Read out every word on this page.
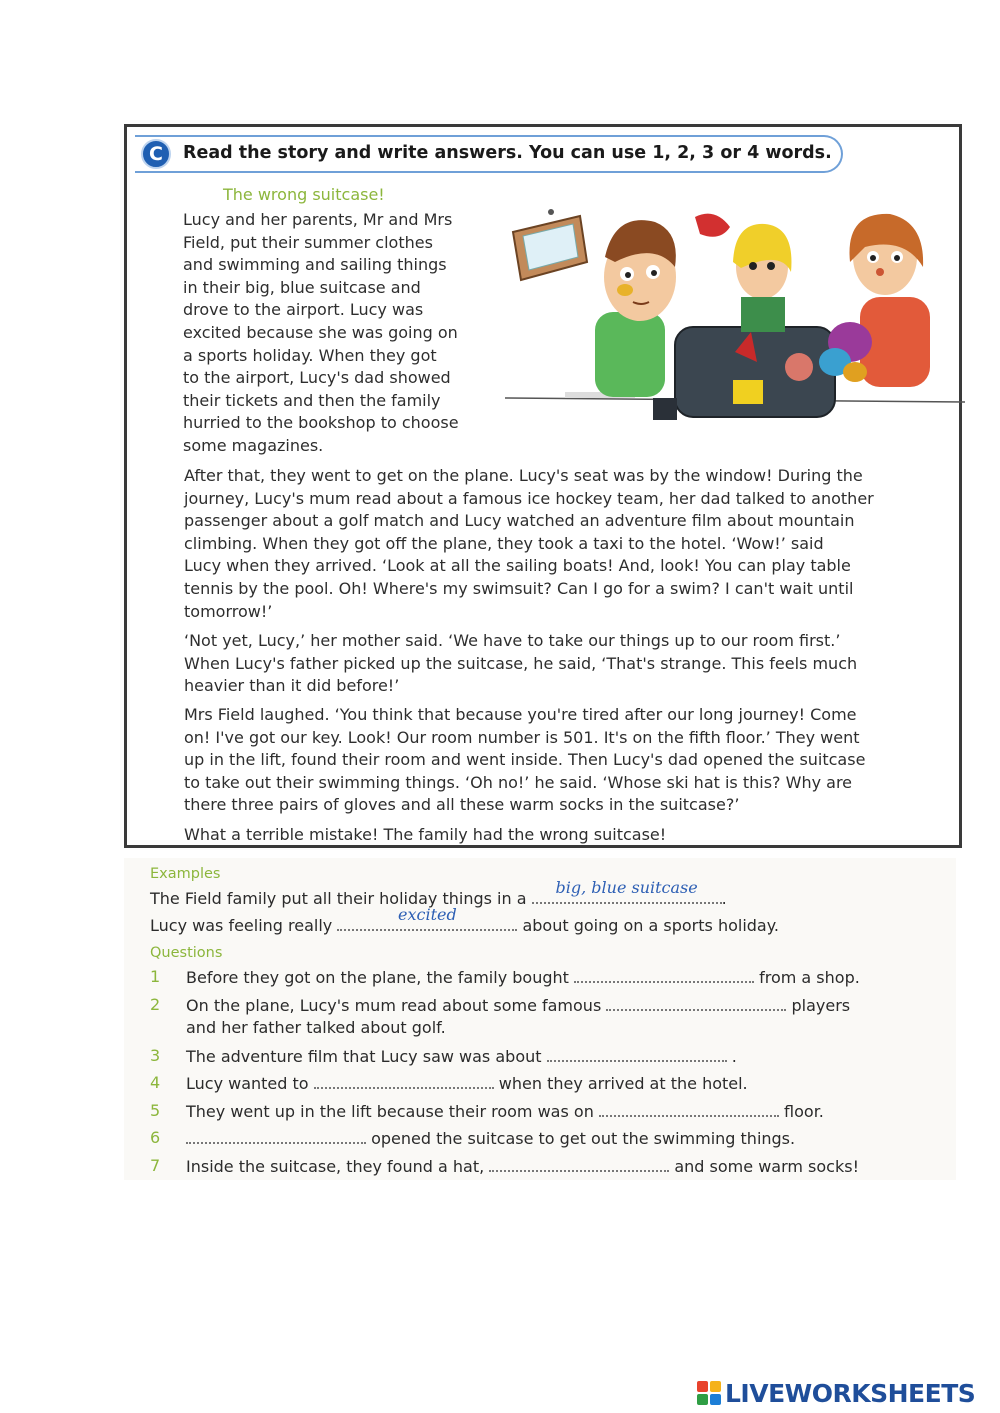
C	Read the story and write answers. You can use 1, 2, 3 or 4 words.
The wrong suitcase!
Lucy and her parents, Mr and Mrs
Field, put their summer clothes
and swimming and sailing things
in their big, blue suitcase and
drove to the airport. Lucy was
excited because she was going on
a sports holiday. When they got
to the airport, Lucy's dad showed
their tickets and then the family
hurried to the bookshop to choose
some magazines.
After that, they went to get on the plane. Lucy's seat was by the window! During the
journey, Lucy's mum read about a famous ice hockey team, her dad talked to another
passenger about a golf match and Lucy watched an adventure film about mountain
climbing. When they got off the plane, they took a taxi to the hotel. ‘Wow!’ said
Lucy when they arrived. ‘Look at all the sailing boats! And, look! You can play table
tennis by the pool. Oh! Where's my swimsuit? Can I go for a swim? I can't wait until
tomorrow!’
‘Not yet, Lucy,’ her mother said. ‘We have to take our things up to our room first.’
When Lucy's father picked up the suitcase, he said, ‘That's strange. This feels much
heavier than it did before!’
Mrs Field laughed. ‘You think that because you're tired after our long journey! Come
on! I've got our key. Look! Our room number is 501. It's on the fifth floor.’ They went
up in the lift, found their room and went inside. Then Lucy's dad opened the suitcase
to take out their swimming things. ‘Oh no!’ he said. ‘Whose ski hat is this? Why are
there three pairs of gloves and all these warm socks in the suitcase?’
What a terrible mistake! The family had the wrong suitcase!
Examples
The Field family put all their holiday things in a
big, blue suitcase
.
Lucy was feeling really
excited
about going on a sports holiday.
Questions
1 Before they got on the plane, the family bought	from a shop.
2 On the plane, Lucy's mum read about some famous	players
and her father talked about golf.
3 The adventure film that Lucy saw was about	.
4 Lucy wanted to	when they arrived at the hotel.
5 They went up in the lift because their room was on	floor.
6	opened the suitcase to get out the swimming things.
7 Inside the suitcase, they found a hat,	and some warm socks!
LIVEWORKSHEETS
